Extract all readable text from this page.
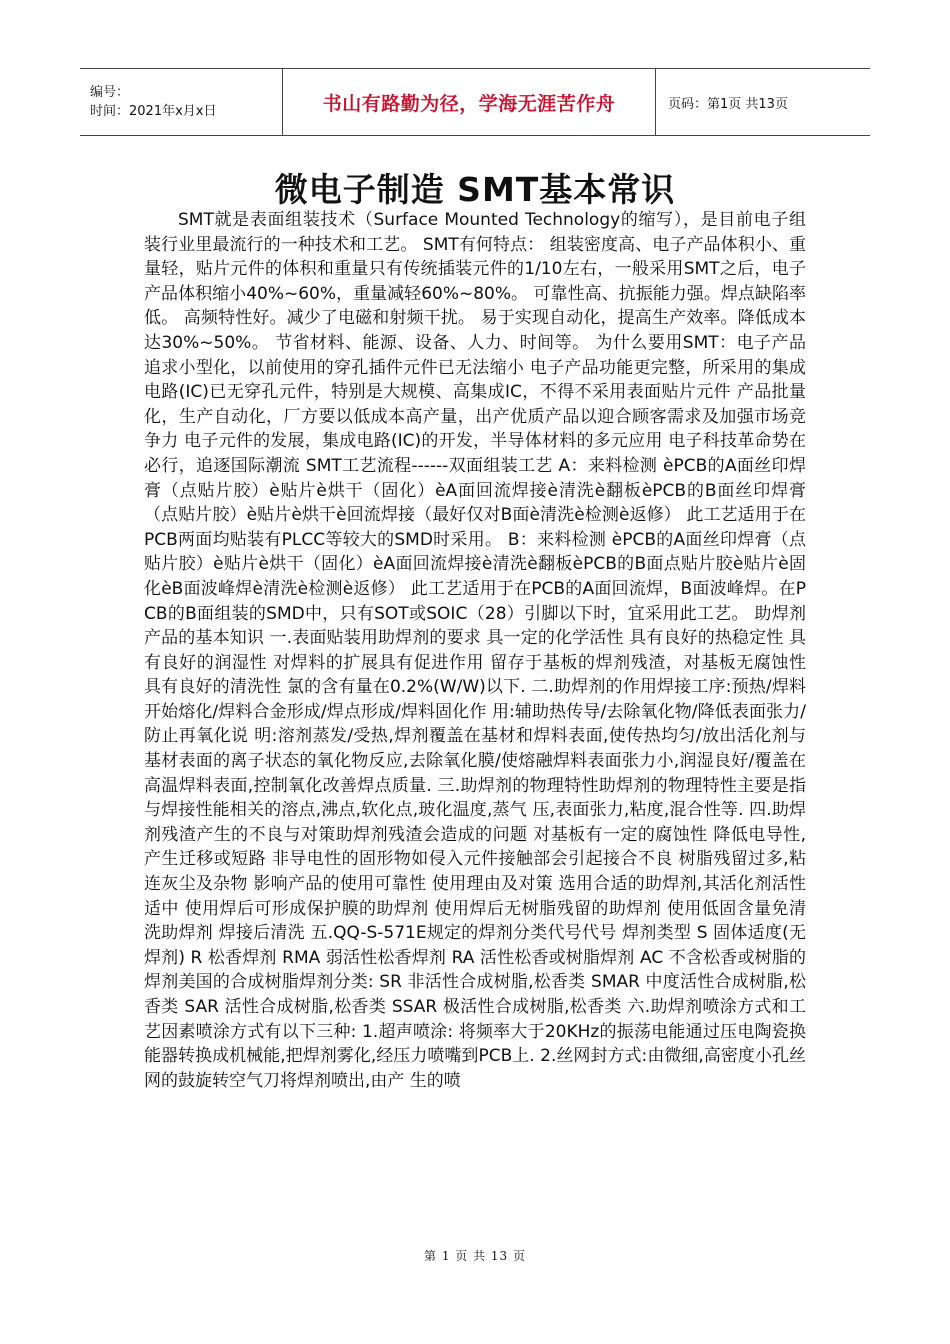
编号：
时间：2021年x月x日	书山有路勤为径，学海无涯苦作舟	页码：第1页 共13页
微电子制造 SMT基本常识
SMT就是表面组装技术（Surface Mounted Technology的缩写），是目前电子组装行业里最流行的一种技术和工艺。 SMT有何特点： 组装密度高、电子产品体积小、重量轻，贴片元件的体积和重量只有传统插装元件的1/10左右，一般采用SMT之后，电子产品体积缩小40%~60%，重量减轻60%~80%。 可靠性高、抗振能力强。焊点缺陷率低。 高频特性好。减少了电磁和射频干扰。 易于实现自动化，提高生产效率。降低成本达30%~50%。 节省材料、能源、设备、人力、时间等。 为什么要用SMT：电子产品追求小型化，以前使用的穿孔插件元件已无法缩小 电子产品功能更完整，所采用的集成电路(IC)已无穿孔元件，特别是大规模、高集成IC，不得不采用表面贴片元件 产品批量化，生产自动化，厂方要以低成本高产量，出产优质产品以迎合顾客需求及加强市场竞争力 电子元件的发展，集成电路(IC)的开发，半导体材料的多元应用 电子科技革命势在必行，追逐国际潮流 SMT工艺流程------双面组装工艺 A：来料检测 èPCB的A面丝印焊膏（点贴片胶）è贴片è烘干（固化）èA面回流焊接è清洗è翻板èPCB的B面丝印焊膏（点贴片胶）è贴片è烘干è回流焊接（最好仅对B面è清洗è检测è返修） 此工艺适用于在PCB两面均贴装有PLCC等较大的SMD时采用。 B：来料检测 èPCB的A面丝印焊膏（点贴片胶）è贴片è烘干（固化）èA面回流焊接è清洗è翻板èPCB的B面点贴片胶è贴片è固化èB面波峰焊è清洗è检测è返修） 此工艺适用于在PCB的A面回流焊，B面波峰焊。在PCB的B面组装的SMD中，只有SOT或SOIC（28）引脚以下时，宜采用此工艺。 助焊剂产品的基本知识 一.表面贴装用助焊剂的要求 具一定的化学活性 具有良好的热稳定性 具有良好的润湿性 对焊料的扩展具有促进作用 留存于基板的焊剂残渣，对基板无腐蚀性 具有良好的清洗性 氯的含有量在0.2%(W/W)以下. 二.助焊剂的作用焊接工序:预热/焊料开始熔化/焊料合金形成/焊点形成/焊料固化作 用:辅助热传导/去除氧化物/降低表面张力/防止再氧化说 明:溶剂蒸发/受热,焊剂覆盖在基材和焊料表面,使传热均匀/放出活化剂与基材表面的离子状态的氧化物反应,去除氧化膜/使熔融焊料表面张力小,润湿良好/覆盖在高温焊料表面,控制氧化改善焊点质量. 三.助焊剂的物理特性助焊剂的物理特性主要是指与焊接性能相关的溶点,沸点,软化点,玻化温度,蒸气 压,表面张力,粘度,混合性等. 四.助焊剂残渣产生的不良与对策助焊剂残渣会造成的问题 对基板有一定的腐蚀性 降低电导性,产生迁移或短路 非导电性的固形物如侵入元件接触部会引起接合不良 树脂残留过多,粘连灰尘及杂物 影响产品的使用可靠性 使用理由及对策 选用合适的助焊剂,其活化剂活性适中 使用焊后可形成保护膜的助焊剂 使用焊后无树脂残留的助焊剂 使用低固含量免清洗助焊剂 焊接后清洗 五.QQ-S-571E规定的焊剂分类代号代号 焊剂类型 S 固体适度(无焊剂) R 松香焊剂 RMA 弱活性松香焊剂 RA 活性松香或树脂焊剂 AC 不含松香或树脂的焊剂美国的合成树脂焊剂分类: SR 非活性合成树脂,松香类 SMAR 中度活性合成树脂,松香类 SAR 活性合成树脂,松香类 SSAR 极活性合成树脂,松香类 六.助焊剂喷涂方式和工艺因素喷涂方式有以下三种: 1.超声喷涂: 将频率大于20KHz的振荡电能通过压电陶瓷换能器转换成机械能,把焊剂雾化,经压力喷嘴到PCB上. 2.丝网封方式:由微细,高密度小孔丝网的鼓旋转空气刀将焊剂喷出,由产 生的喷
第 1 页 共 13 页
